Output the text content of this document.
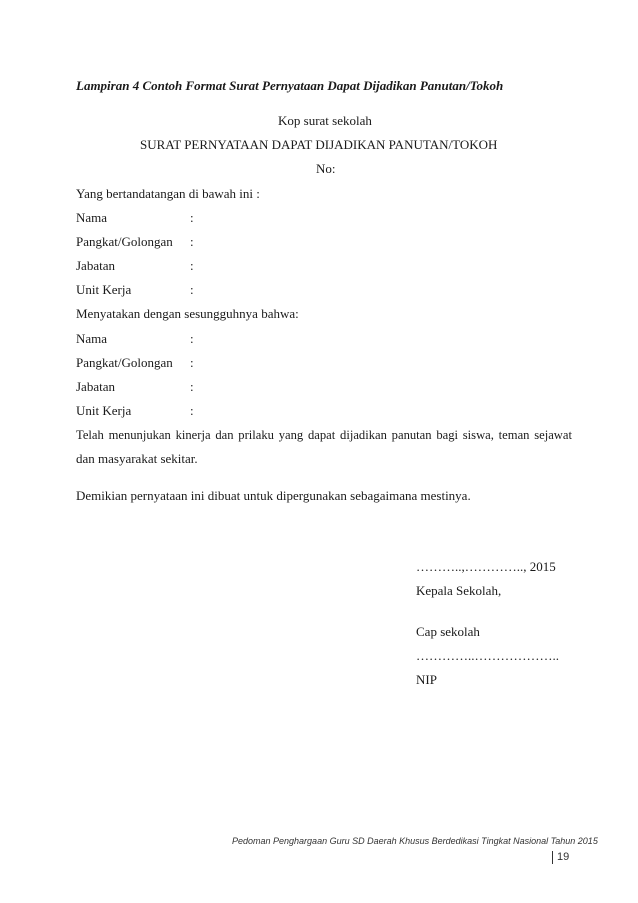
Lampiran 4 Contoh Format Surat Pernyataan Dapat Dijadikan Panutan/Tokoh
Kop surat sekolah
SURAT PERNYATAAN DAPAT DIJADIKAN PANUTAN/TOKOH
No:
Yang bertandatangan di bawah ini :
Nama	:
Pangkat/Golongan :
Jabatan	:
Unit Kerja	:
Menyatakan dengan sesungguhnya bahwa:
Nama	:
Pangkat/Golongan :
Jabatan	:
Unit Kerja	:
Telah menunjukan kinerja dan prilaku yang dapat dijadikan panutan bagi siswa, teman sejawat
dan masyarakat sekitar.
Demikian pernyataan ini dibuat untuk dipergunakan sebagaimana mestinya.
………..,………….., 2015
Kepala Sekolah,
Cap sekolah
…………..………………..
NIP
Pedoman Penghargaan Guru SD Daerah Khusus Berdedikasi Tingkat Nasional Tahun 2015
19
